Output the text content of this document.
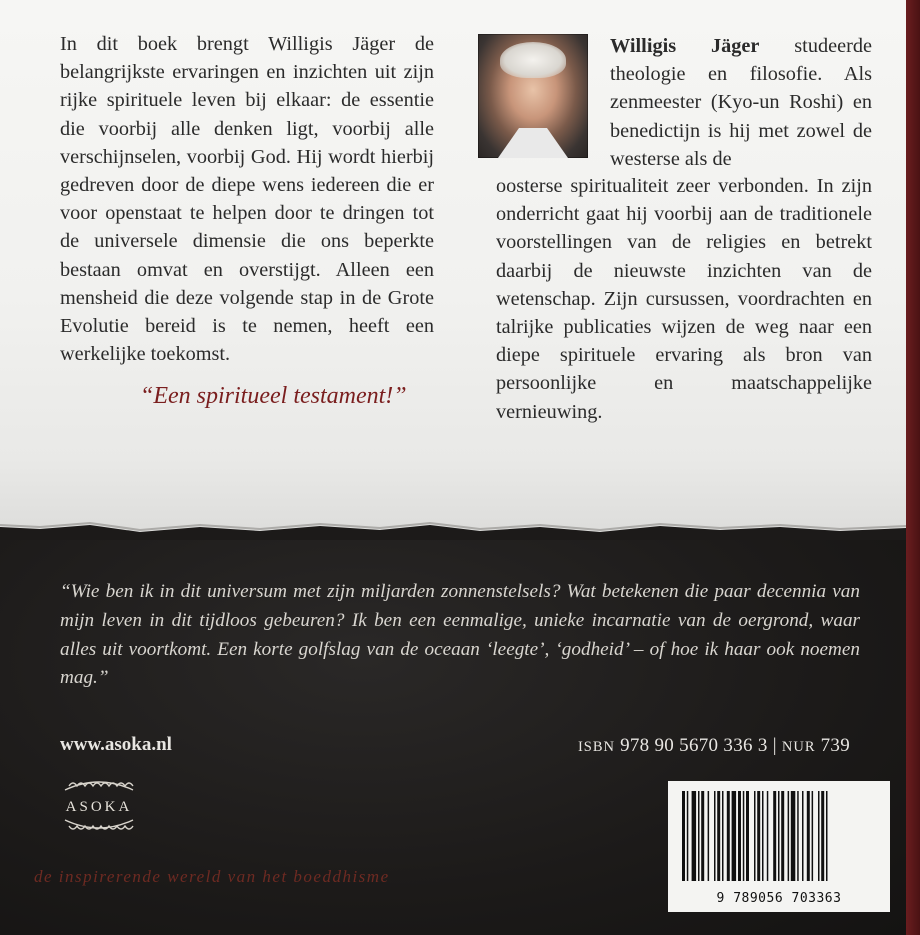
In dit boek brengt Willigis Jäger de belangrijkste ervaringen en inzichten uit zijn rijke spirituele leven bij elkaar: de essentie die voorbij alle denken ligt, voorbij alle verschijnselen, voorbij God. Hij wordt hierbij gedreven door de diepe wens iedereen die er voor openstaat te helpen door te dringen tot de universele dimensie die ons beperkte bestaan omvat en overstijgt. Alleen een mensheid die deze volgende stap in de Grote Evolutie bereid is te nemen, heeft een werkelijke toekomst.

“Een spiritueel testament!”

Willigis Jäger studeerde theologie en filosofie. Als zenmeester (Kyo-un Roshi) en benedictijn is hij met zowel de westerse als de

oosterse spiritualiteit zeer verbonden. In zijn onderricht gaat hij voorbij aan de traditionele voorstellingen van de religies en betrekt daarbij de nieuwste inzichten van de wetenschap. Zijn cursussen, voordrachten en talrijke publicaties wijzen de weg naar een diepe spirituele ervaring als bron van persoonlijke en maatschappelijke vernieuwing.

“Wie ben ik in dit universum met zijn miljarden zonnenstelsels? Wat betekenen die paar decennia van mijn leven in dit tijdloos gebeuren? Ik ben een eenmalige, unieke incarnatie van de oergrond, waar alles uit voortkomt. Een korte golfslag van de oceaan ‘leegte’, ‘godheid’ – of hoe ik haar ook noemen mag.”
www.asoka.nl	ISBN 978 90 5670 336 3 | NUR 739
ASOKA
de inspirerende wereld van het boeddhisme
9 789056 703363
